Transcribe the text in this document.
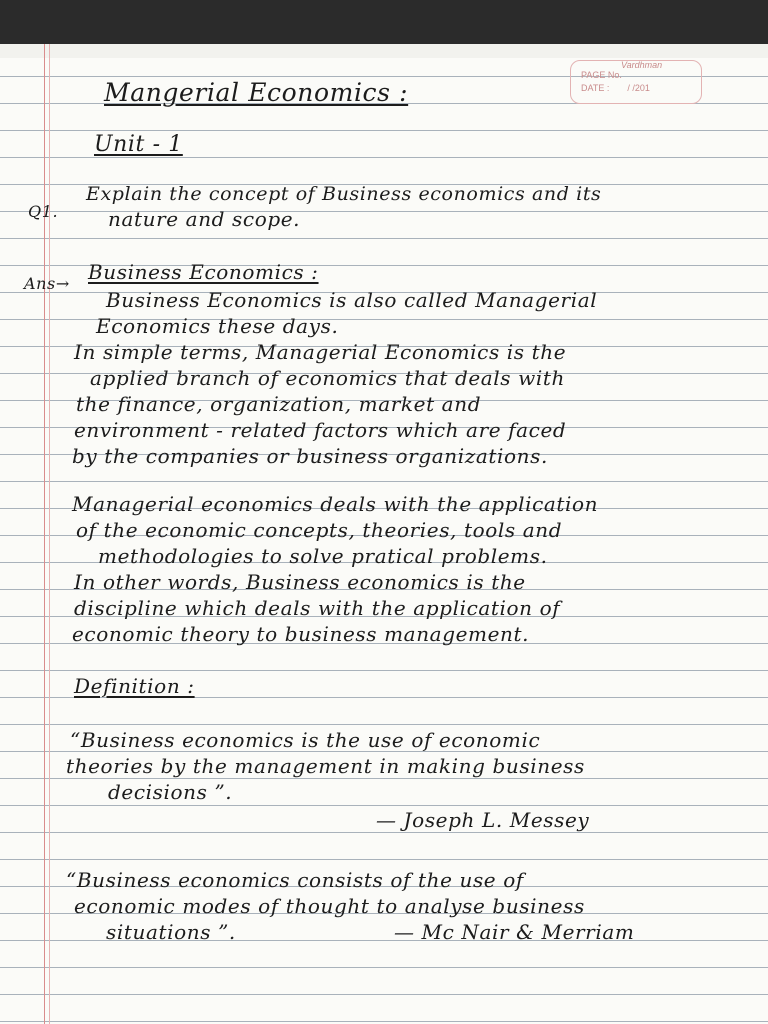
Vardhman
PAGE No.
DATE : / /201

Mangerial Economics :

Unit - 1

Q1.

Explain the concept of Business economics and its

nature and scope.

Ans→ Business Economics :

Business Economics is also called Managerial

Economics these days.

In simple terms, Managerial Economics is the

applied branch of economics that deals with

the finance, organization, market and

environment - related factors which are faced

by the companies or business organizations.

Managerial economics deals with the application

of the economic concepts, theories, tools and

methodologies to solve pratical problems.

In other words, Business economics is the

discipline which deals with the application of

economic theory to business management.

Definition :

“Business economics is the use of economic

theories by the management in making business

decisions ”.

— Joseph L. Messey

“Business economics consists of the use of

economic modes of thought to analyse business

situations ”.	— Mc Nair & Merriam
